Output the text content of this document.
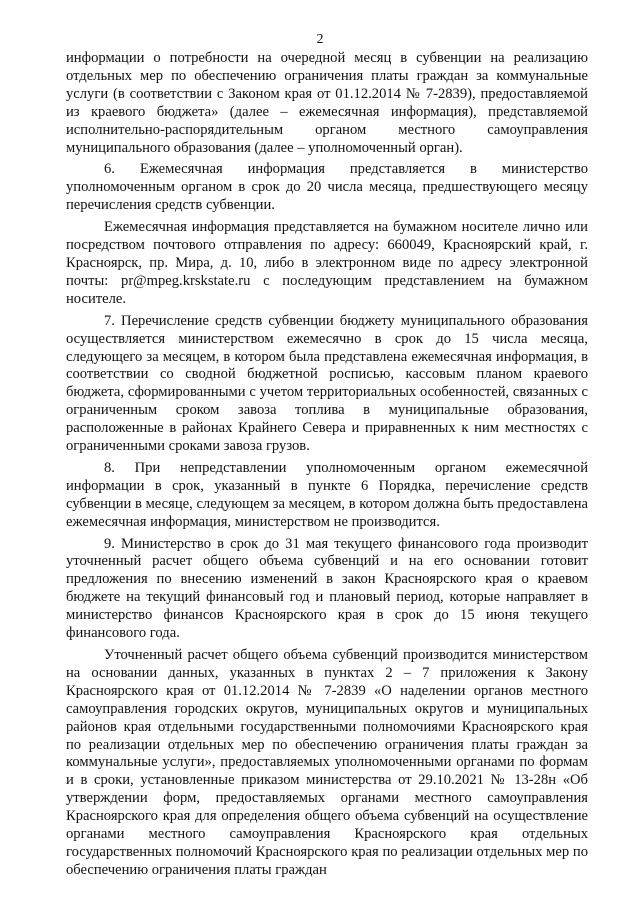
2

информации о потребности на очередной месяц в субвенции на реализацию отдельных мер по обеспечению ограничения платы граждан за коммунальные услуги (в соответствии с Законом края от 01.12.2014 № 7-2839), предоставляемой из краевого бюджета» (далее – ежемесячная информация), представляемой исполнительно-распорядительным органом местного самоуправления муниципального образования (далее – уполномоченный орган).

6. Ежемесячная информация представляется в министерство уполномоченным органом в срок до 20 числа месяца, предшествующего месяцу перечисления средств субвенции.

Ежемесячная информация представляется на бумажном носителе лично или посредством почтового отправления по адресу: 660049, Красноярский край, г. Красноярск, пр. Мира, д. 10, либо в электронном виде по адресу электронной почты: pr@mpeg.krskstate.ru с последующим представлением на бумажном носителе.

7. Перечисление средств субвенции бюджету муниципального образования осуществляется министерством ежемесячно в срок до 15 числа месяца, следующего за месяцем, в котором была представлена ежемесячная информация, в соответствии со сводной бюджетной росписью, кассовым планом краевого бюджета, сформированными с учетом территориальных особенностей, связанных с ограниченным сроком завоза топлива в муниципальные образования, расположенные в районах Крайнего Севера и приравненных к ним местностях с ограниченными сроками завоза грузов.

8. При непредставлении уполномоченным органом ежемесячной информации в срок, указанный в пункте 6 Порядка, перечисление средств субвенции в месяце, следующем за месяцем, в котором должна быть предоставлена ежемесячная информация, министерством не производится.

9. Министерство в срок до 31 мая текущего финансового года производит уточненный расчет общего объема субвенций и на его основании готовит предложения по внесению изменений в закон Красноярского края о краевом бюджете на текущий финансовый год и плановый период, которые направляет в министерство финансов Красноярского края в срок до 15 июня текущего финансового года.

Уточненный расчет общего объема субвенций производится министерством на основании данных, указанных в пунктах 2 – 7 приложения к Закону Красноярского края от 01.12.2014 № 7-2839 «О наделении органов местного самоуправления городских округов, муниципальных округов и муниципальных районов края отдельными государственными полномочиями Красноярского края по реализации отдельных мер по обеспечению ограничения платы граждан за коммунальные услуги», предоставляемых уполномоченными органами по формам и в сроки, установленные приказом министерства от 29.10.2021 № 13-28н «Об утверждении форм, предоставляемых органами местного самоуправления Красноярского края для определения общего объема субвенций на осуществление органами местного самоуправления Красноярского края отдельных государственных полномочий Красноярского края по реализации отдельных мер по обеспечению ограничения платы граждан
